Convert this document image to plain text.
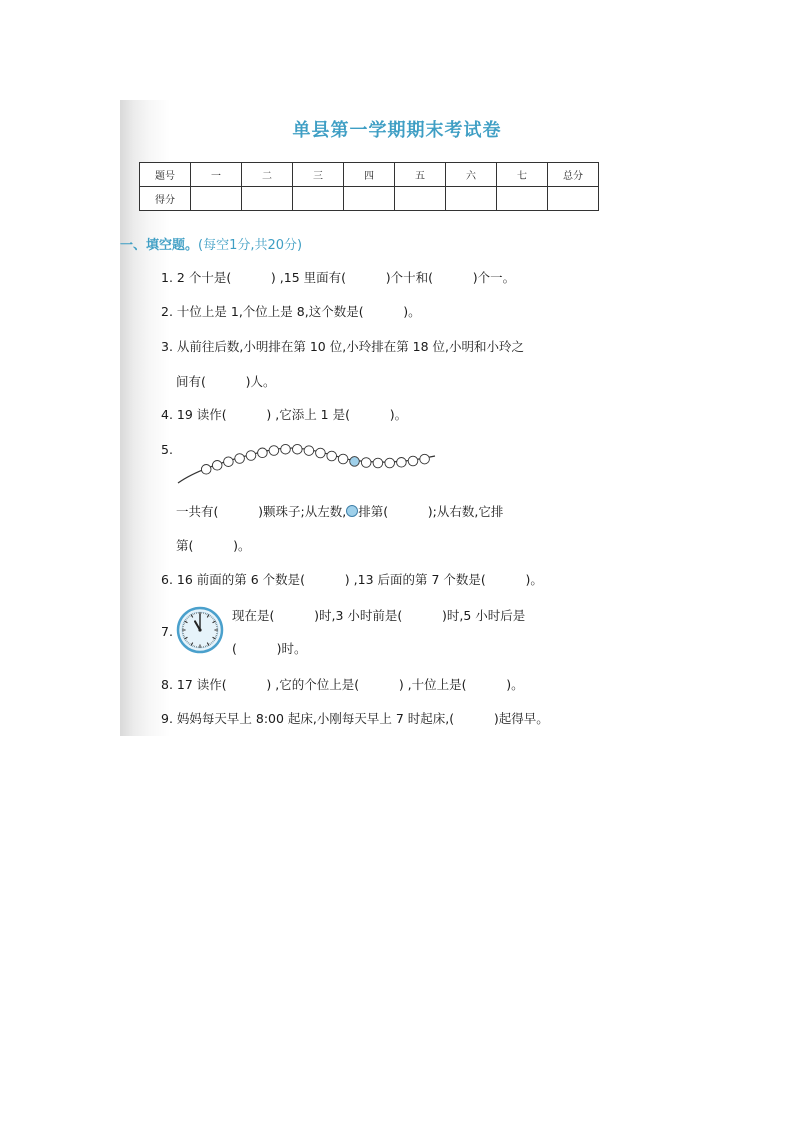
单县第一学期期末考试卷
题号	一	二	三	四	五	六	七	总分
得分								
一、填空题。(每空1分,共20分)
1. 2 个十是(          ) ,15 里面有(          )个十和(          )个一。
2. 十位上是 1,个位上是 8,这个数是(          )。
3. 从前往后数,小明排在第 10 位,小玲排在第 18 位,小明和小玲之
间有(          )人。
4. 19 读作(          ) ,它添上 1 是(          )。
5.
一共有(          )颗珠子;从左数, 排第(          );从右数,它排
第(          )。
6. 16 前面的第 6 个数是(          ) ,13 后面的第 7 个数是(          )。
7.
现在是(          )时,3 小时前是(          )时,5 小时后是
(          )时。
8. 17 读作(          ) ,它的个位上是(          ) ,十位上是(          )。
9. 妈妈每天早上 8:00 起床,小刚每天早上 7 时起床,(          )起得早。
